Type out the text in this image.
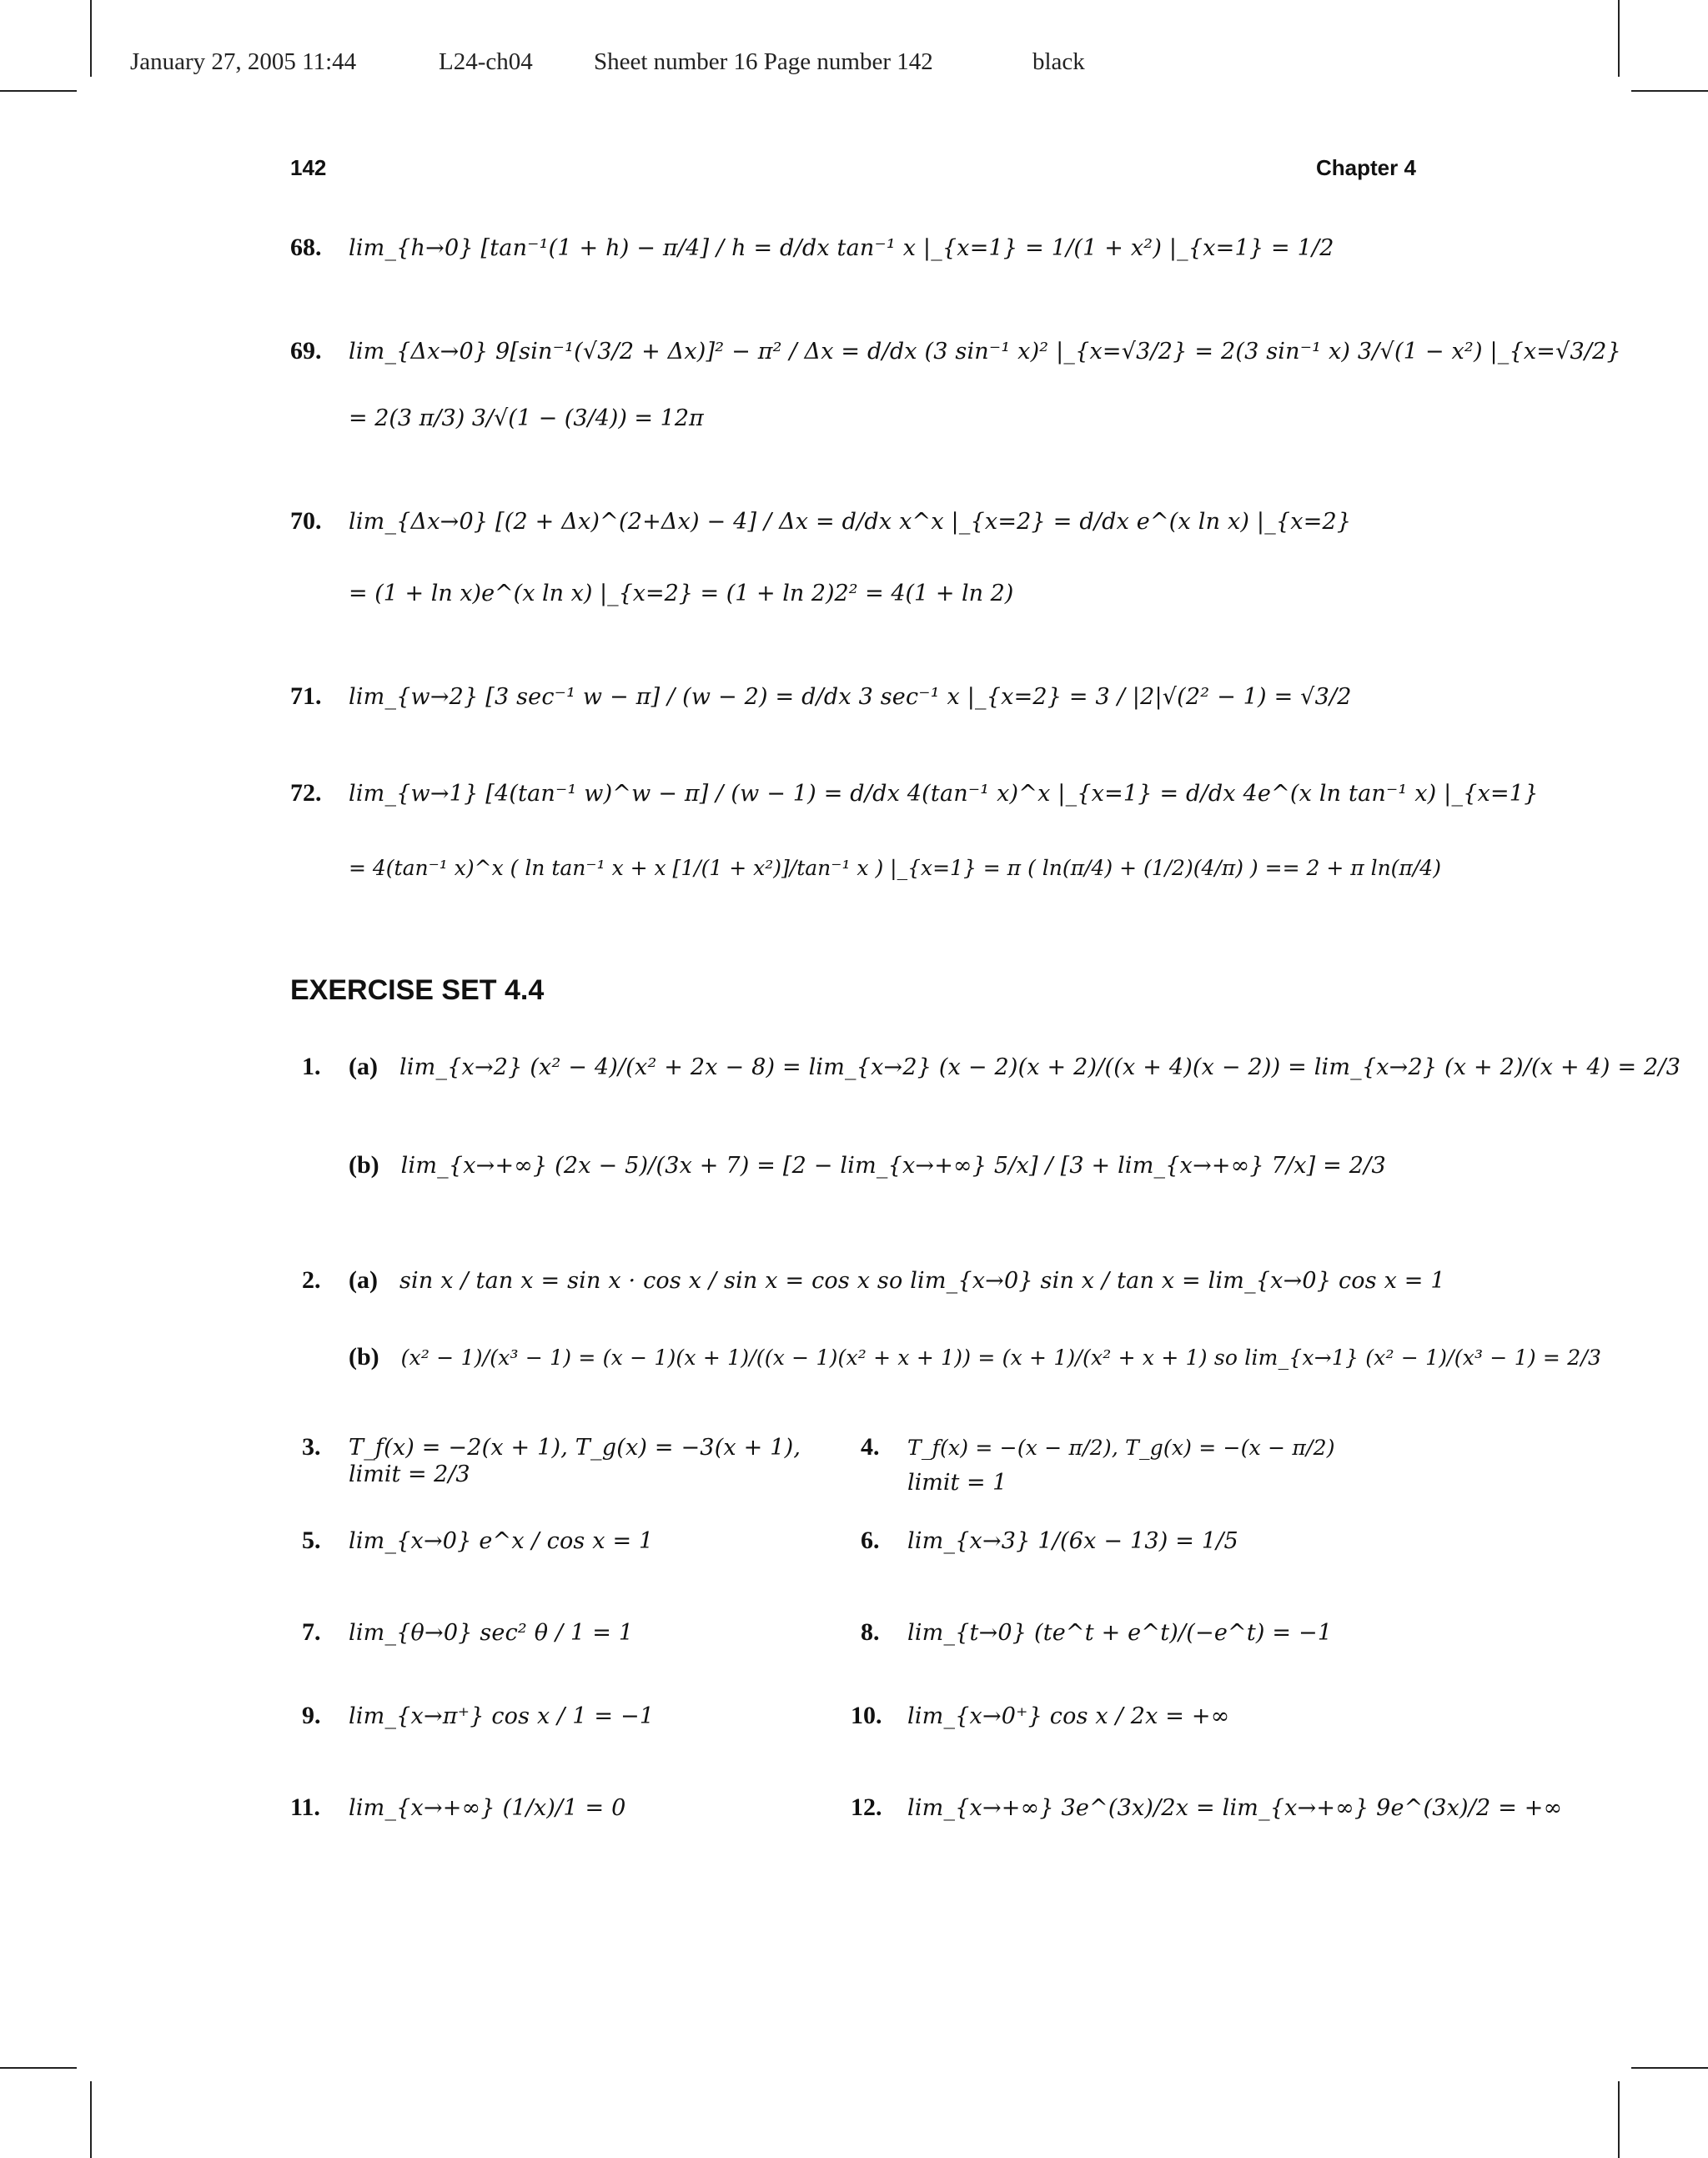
January 27, 2005 11:44	L24-ch04	Sheet number 16 Page number 142	black
142	Chapter 4
68.	lim_{h→0} [tan⁻¹(1 + h) − π/4] / h = d/dx tan⁻¹ x |_{x=1} = 1/(1 + x²) |_{x=1} = 1/2
69.	lim_{Δx→0} 9[sin⁻¹(√3/2 + Δx)]² − π² / Δx = d/dx (3 sin⁻¹ x)² |_{x=√3/2} = 2(3 sin⁻¹ x) 3/√(1 − x²) |_{x=√3/2}
= 2(3 π/3) 3/√(1 − (3/4)) = 12π
70.	lim_{Δx→0} [(2 + Δx)^(2+Δx) − 4] / Δx = d/dx x^x |_{x=2} = d/dx e^(x ln x) |_{x=2}
= (1 + ln x)e^(x ln x) |_{x=2} = (1 + ln 2)2² = 4(1 + ln 2)
71.	lim_{w→2} [3 sec⁻¹ w − π] / (w − 2) = d/dx 3 sec⁻¹ x |_{x=2} = 3 / |2|√(2² − 1) = √3/2
72.	lim_{w→1} [4(tan⁻¹ w)^w − π] / (w − 1) = d/dx 4(tan⁻¹ x)^x |_{x=1} = d/dx 4e^(x ln tan⁻¹ x) |_{x=1}
= 4(tan⁻¹ x)^x ( ln tan⁻¹ x + x [1/(1 + x²)]/tan⁻¹ x ) |_{x=1} = π ( ln(π/4) + (1/2)(4/π) ) == 2 + π ln(π/4)
EXERCISE SET 4.4
1.	(a) lim_{x→2} (x² − 4)/(x² + 2x − 8) = lim_{x→2} (x − 2)(x + 2)/((x + 4)(x − 2)) = lim_{x→2} (x + 2)/(x + 4) = 2/3
(b) lim_{x→+∞} (2x − 5)/(3x + 7) = [2 − lim_{x→+∞} 5/x] / [3 + lim_{x→+∞} 7/x] = 2/3
2.	(a) sin x / tan x = sin x · cos x / sin x = cos x so lim_{x→0} sin x / tan x = lim_{x→0} cos x = 1
(b) (x² − 1)/(x³ − 1) = (x − 1)(x + 1)/((x − 1)(x² + x + 1)) = (x + 1)/(x² + x + 1) so lim_{x→1} (x² − 1)/(x³ − 1) = 2/3
3.	T_f(x) = −2(x + 1), T_g(x) = −3(x + 1),
limit = 2/3
4.	T_f(x) = −(x − π/2), T_g(x) = −(x − π/2)
limit = 1
5.	lim_{x→0} e^x / cos x = 1	6.	lim_{x→3} 1/(6x − 13) = 1/5
7.	lim_{θ→0} sec² θ / 1 = 1	8.	lim_{t→0} (te^t + e^t)/(−e^t) = −1
9.	lim_{x→π⁺} cos x / 1 = −1	10.	lim_{x→0⁺} cos x / 2x = +∞
11.	lim_{x→+∞} (1/x)/1 = 0	12.	lim_{x→+∞} 3e^(3x)/2x = lim_{x→+∞} 9e^(3x)/2 = +∞
